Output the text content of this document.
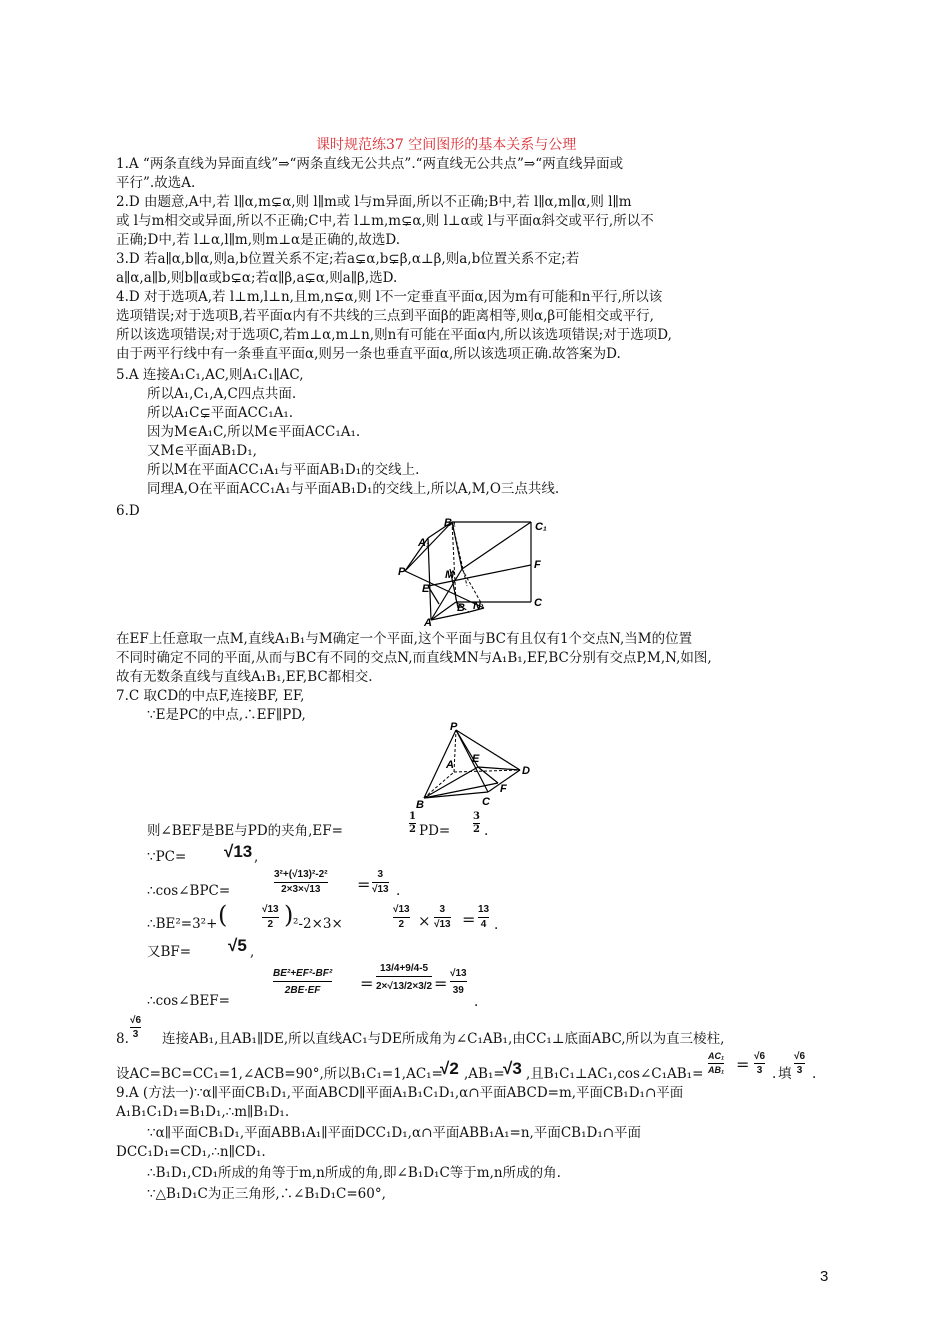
课时规范练37 空间图形的基本关系与公理
1.A “两条直线为异面直线”⇒“两条直线无公共点”.“两直线无公共点”⇒“两直线异面或
平行”.故选A.
2.D 由题意,A中,若 l∥α,m⊊α,则 l∥m或 l与m异面,所以不正确;B中,若 l∥α,m∥α,则 l∥m
或 l与m相交或异面,所以不正确;C中,若 l⊥m,m⊊α,则 l⊥α或 l与平面α斜交或平行,所以不
正确;D中,若 l⊥α,l∥m,则m⊥α是正确的,故选D.
3.D 若a∥α,b∥α,则a,b位置关系不定;若a⊊α,b⊊β,α⊥β,则a,b位置关系不定;若
a∥α,a∥b,则b∥α或b⊊α;若α∥β,a⊊α,则a∥β,选D.
4.D 对于选项A,若 l⊥m,l⊥n,且m,n⊊α,则 l不一定垂直平面α,因为m有可能和n平行,所以该
选项错误;对于选项B,若平面α内有不共线的三点到平面β的距离相等,则α,β可能相交或平行,
所以该选项错误;对于选项C,若m⊥α,m⊥n,则n有可能在平面α内,所以该选项错误;对于选项D,
由于两平行线中有一条垂直平面α,则另一条也垂直平面α,所以该选项正确.故答案为D.
5.A 连接A₁C₁,AC,则A₁C₁∥AC,
所以A₁,C₁,A,C四点共面.
所以A₁C⊊平面ACC₁A₁.
因为M∈A₁C,所以M∈平面ACC₁A₁.
又M∈平面AB₁D₁,
所以M在平面ACC₁A₁与平面AB₁D₁的交线上.
同理A,O在平面ACC₁A₁与平面AB₁D₁的交线上,所以A,M,O三点共线.
6.D
B₁	C₁
A₁
P	M
F
E
B N	C
A
在EF上任意取一点M,直线A₁B₁与M确定一个平面,这个平面与BC有且仅有1个交点N,当M的位置
不同时确定不同的平面,从而与BC有不同的交点N,而直线MN与A₁B₁,EF,BC分别有交点P,M,N,如图,
故有无数条直线与直线A₁B₁,EF,BC都相交.
7.C 取CD的中点F,连接BF, EF,
∵E是PC的中点,∴EF∥PD,
P
A E
D
B	C
F
则∠BEF是BE与PD的夹角,EF=
1
2 PD=
3
2 .
∵PC= √13 ,
∴cos∠BPC=
3²+(√13)²-2²
2×3×√13	=
3
√13 .
∴BE²=3²+ (	√13
2 ) ²-2×3×
√13
2 ×
3
√13 =
13
4 .
又BF= √5 ,
∴cos∠BEF=
BE²+EF²-BF²
2BE·EF	=
13/4+9/4-5
2×√13/2×3/2 =
√13
39
.
8.
√6
3 连接AB₁,且AB₁∥DE,所以直线AC₁与DE所成角为∠C₁AB₁,由CC₁⊥底面ABC,所以为直三棱柱,
设AC=BC=CC₁=1,∠ACB=90°,所以B₁C₁=1,AC₁=
√2 ,AB₁=
√3 ,且B₁C₁⊥AC₁,cos∠C₁AB₁=
AC₁
AB₁ = √6
3 . 填
√6
3 .
9.A (方法一)∵α∥平面CB₁D₁,平面ABCD∥平面A₁B₁C₁D₁,α∩平面ABCD=m,平面CB₁D₁∩平面
A₁B₁C₁D₁=B₁D₁,∴m∥B₁D₁.
∵α∥平面CB₁D₁,平面ABB₁A₁∥平面DCC₁D₁,α∩平面ABB₁A₁=n,平面CB₁D₁∩平面
DCC₁D₁=CD₁,∴n∥CD₁.
∴B₁D₁,CD₁所成的角等于m,n所成的角,即∠B₁D₁C等于m,n所成的角.
∵△B₁D₁C为正三角形,∴∠B₁D₁C=60°,
3
